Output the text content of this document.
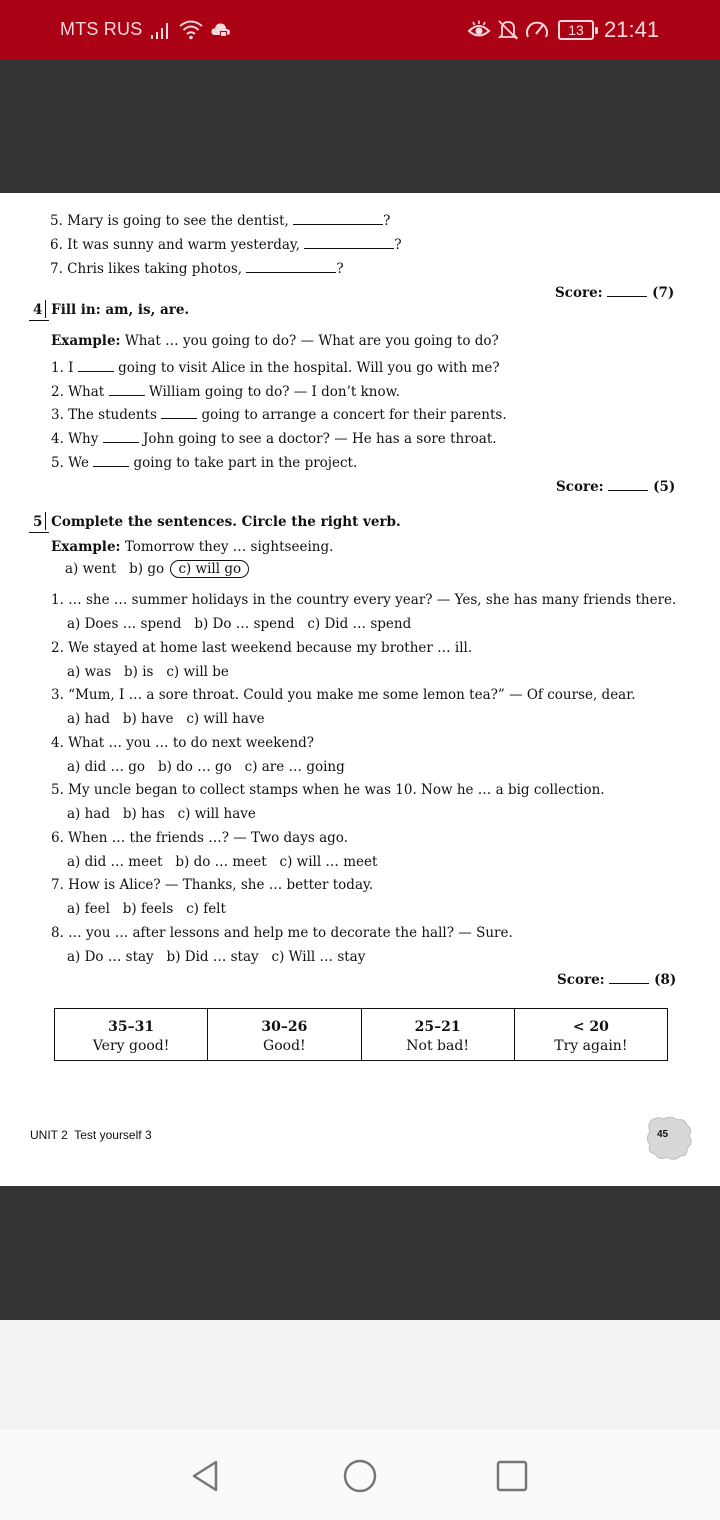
MTS RUS	13 21:41
5. Mary is going to see the dentist,	?
6. It was sunny and warm yesterday,	?
7. Chris likes taking photos,	?
Score:	(7)
4 Fill in: am, is, are.
Example: What … you going to do? — What are you going to do?
1. I	going to visit Alice in the hospital. Will you go with me?
2. What	William going to do? — I don’t know.
3. The students	going to arrange a concert for their parents.
4. Why	John going to see a doctor? — He has a sore throat.
5. We	going to take part in the project.
Score:	(5)
5 Complete the sentences. Circle the right verb.
Example: Tomorrow they … sightseeing.
a) went b) go c) will go
1. … she … summer holidays in the country every year? — Yes, she has many friends there.
a) Does … spend b) Do … spend c) Did … spend
2. We stayed at home last weekend because my brother … ill.
a) was b) is c) will be
3. “Mum, I … a sore throat. Could you make me some lemon tea?” — Of course, dear.
a) had b) have c) will have
4. What … you … to do next weekend?
a) did … go b) do … go c) are … going
5. My uncle began to collect stamps when he was 10. Now he … a big collection.
a) had b) has c) will have
6. When … the friends …? — Two days ago.
a) did … meet b) do … meet c) will … meet
7. How is Alice? — Thanks, she … better today.
a) feel b) feels c) felt
8. … you … after lessons and help me to decorate the hall? — Sure.
a) Do … stay b) Did … stay c) Will … stay
Score:	(8)
35–31	30–26	25–21	< 20
Very good!	Good!	Not bad!	Try again!
UNIT 2 Test yourself 3	45
